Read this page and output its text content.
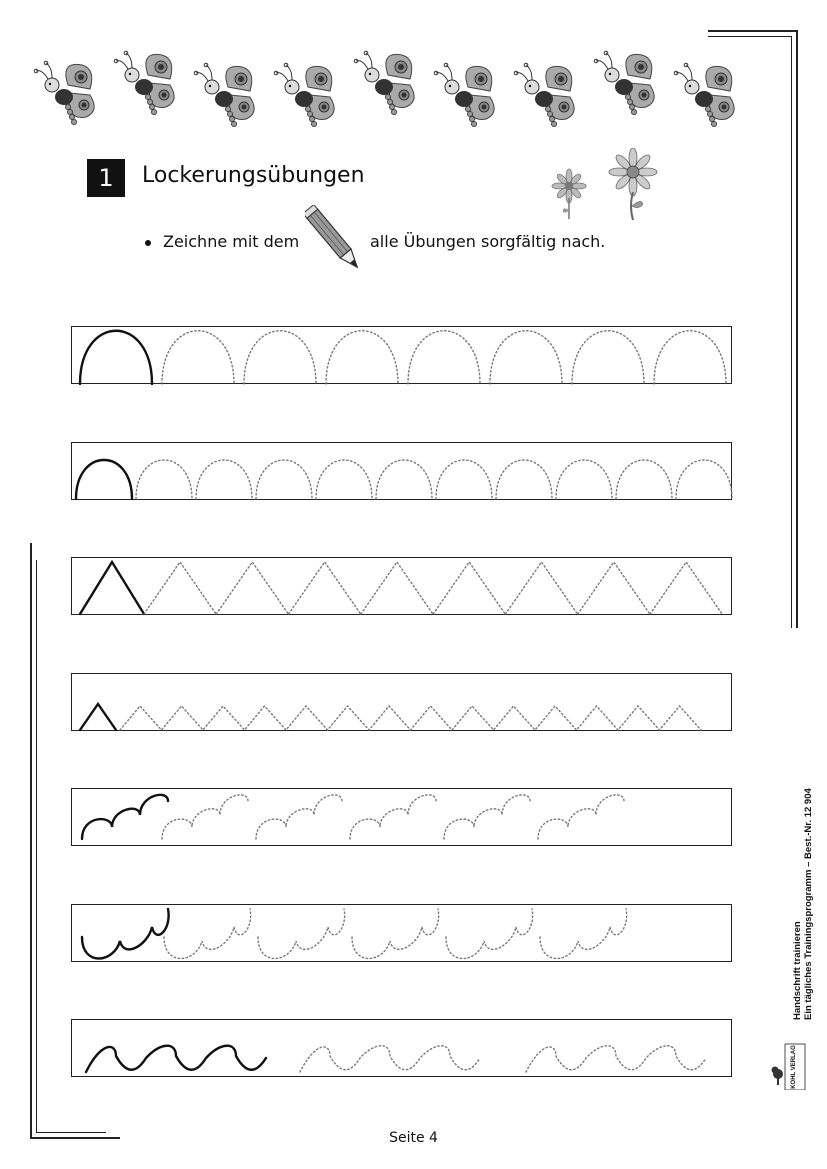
1	Lockerungsübungen
Zeichne mit dem	alle Übungen sorgfältig nach.
Seite 4
Handschrift trainieren Ein tägliches Trainingsprogramm – Best.-Nr. 12 904
KOHL VERLAG
